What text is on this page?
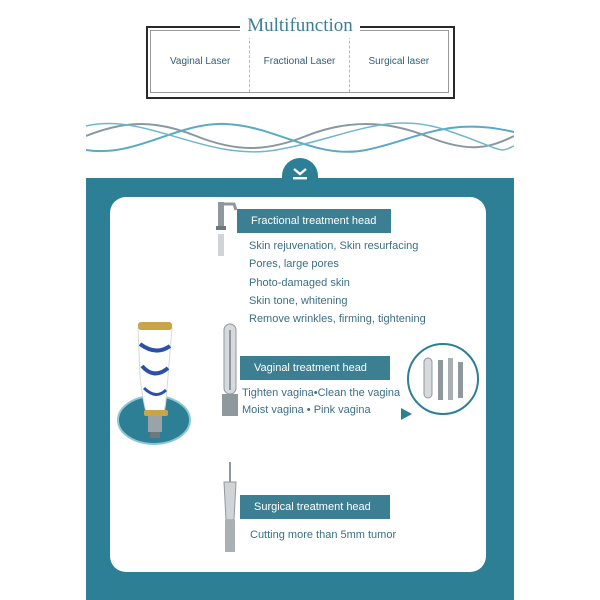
Vaginal Laser	Fractional Laser	Surgical laser
Multifunction
Fractional treatment head
Skin rejuvenation, Skin resurfacing
Pores, large pores
Photo-damaged skin
Skin tone, whitening
Remove wrinkles, firming, tightening
Vaginal treatment head
Tighten vagina•Clean the vagina
Moist vagina • Pink vagina
Surgical treatment head
Cutting more than 5mm tumor
